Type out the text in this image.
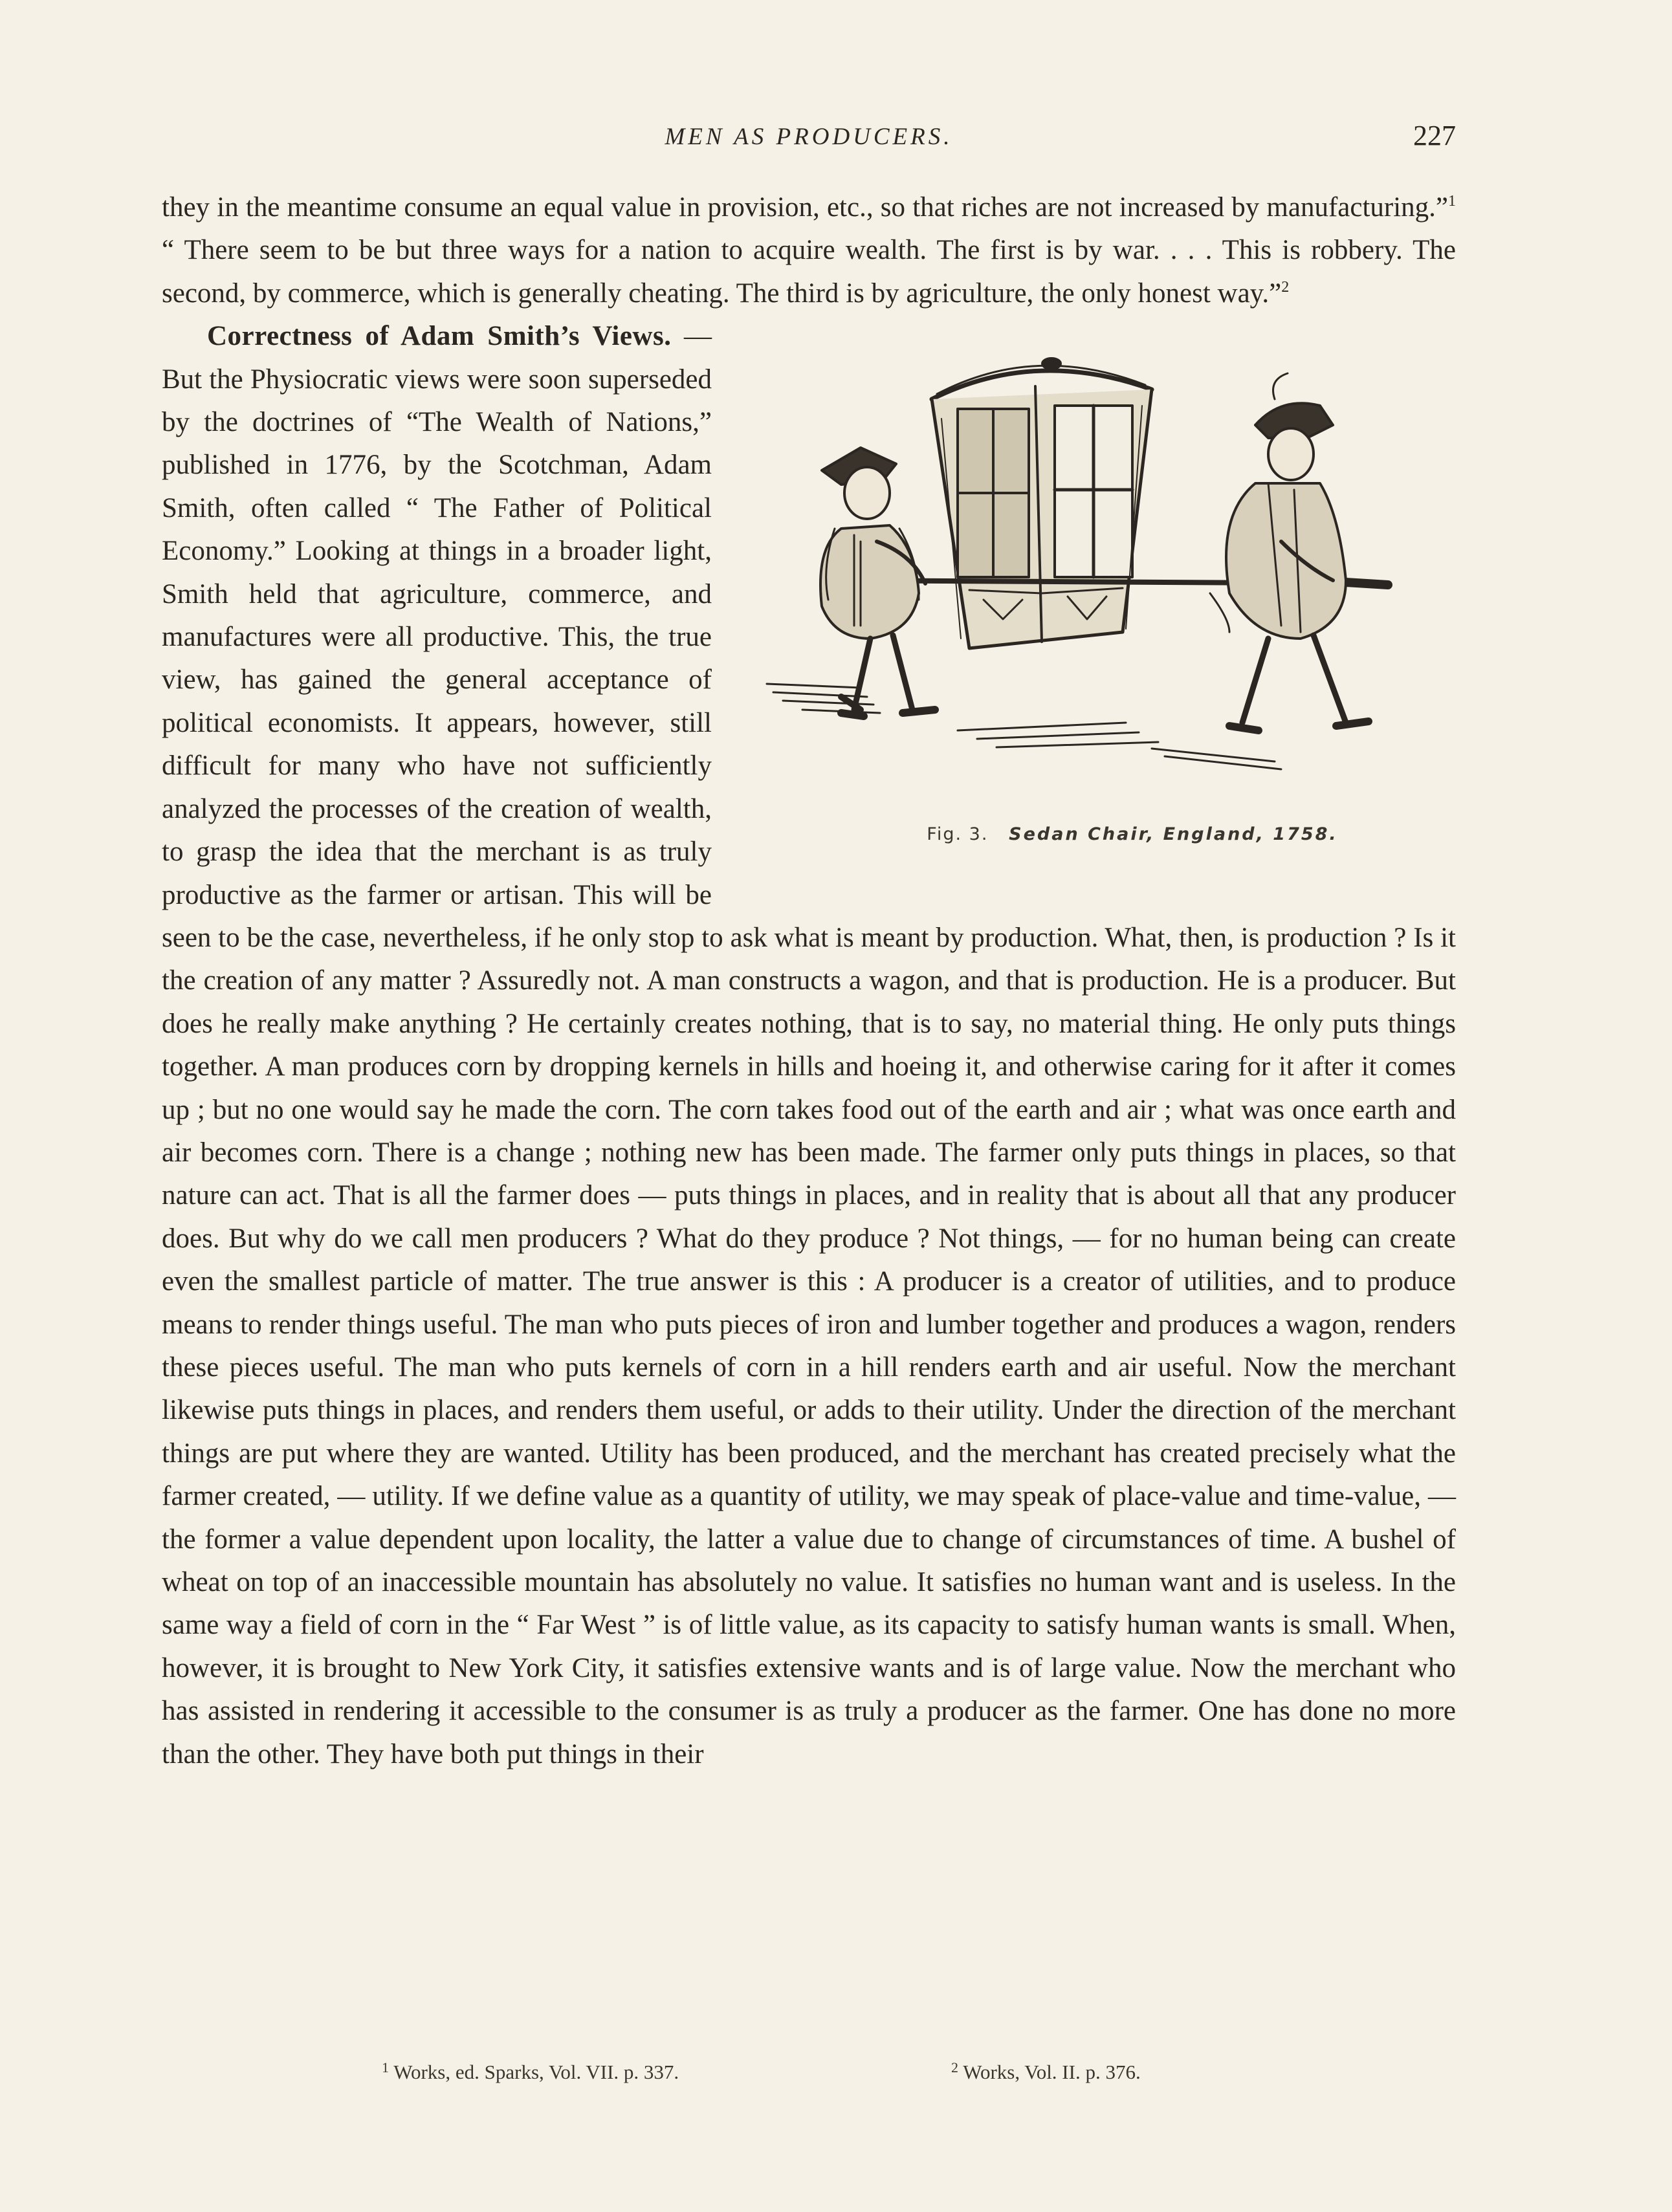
MEN AS PRODUCERS.	227

they in the meantime consume an equal value in provision, etc., so that riches are not increased by manufacturing.”$^1$ “ There seem to be but three ways for a nation to acquire wealth. The first is by war. . . . This is robbery. The second, by commerce, which is generally cheating. The third is by agriculture, the only honest way.”$^2$

Fig. 3. Sedan Chair, England, 1758.
Correctness of Adam Smith’s Views. — But the Physiocratic views were soon superseded by the doctrines of “The Wealth of Nations,” published in 1776, by the Scotchman, Adam Smith, often called “ The Father of Political Economy.” Looking at things in a broader light, Smith held that agriculture, commerce, and manufactures were all productive. This, the true view, has gained the general acceptance of political economists. It appears, however, still difficult for many who have not sufficiently analyzed the processes of the creation of wealth, to grasp the idea that the merchant is as truly productive as the farmer or artisan. This will be seen to be the case, nevertheless, if he only stop to ask what is meant by production. What, then, is production ? Is it the creation of any matter ? Assuredly not. A man constructs a wagon, and that is production. He is a producer. But does he really make anything ? He certainly creates nothing, that is to say, no material thing. He only puts things together. A man produces corn by dropping kernels in hills and hoeing it, and otherwise caring for it after it comes up ; but no one would say he made the corn. The corn takes food out of the earth and air ; what was once earth and air becomes corn. There is a change ; nothing new has been made. The farmer only puts things in places, so that nature can act. That is all the farmer does — puts things in places, and in reality that is about all that any producer does. But why do we call men producers ? What do they produce ? Not things, — for no human being can create even the smallest particle of matter. The true answer is this : A producer is a creator of utilities, and to produce means to render things useful. The man who puts pieces of iron and lumber together and produces a wagon, renders these pieces useful. The man who puts kernels of corn in a hill renders earth and air useful. Now the merchant likewise puts things in places, and renders them useful, or adds to their utility. Under the direction of the merchant things are put where they are wanted. Utility has been produced, and the merchant has created precisely what the farmer created, — utility. If we define value as a quantity of utility, we may speak of place-value and time-value, — the former a value dependent upon locality, the latter a value due to change of circumstances of time. A bushel of wheat on top of an inaccessible mountain has absolutely no value. It satisfies no human want and is useless. In the same way a field of corn in the “ Far West ” is of little value, as its capacity to satisfy human wants is small. When, however, it is brought to New York City, it satisfies extensive wants and is of large value. Now the merchant who has assisted in rendering it accessible to the consumer is as truly a producer as the farmer. One has done no more than the other. They have both put things in their

$^1$ Works, ed. Sparks, Vol. VII. p. 337.	$^2$ Works, Vol. II. p. 376.
